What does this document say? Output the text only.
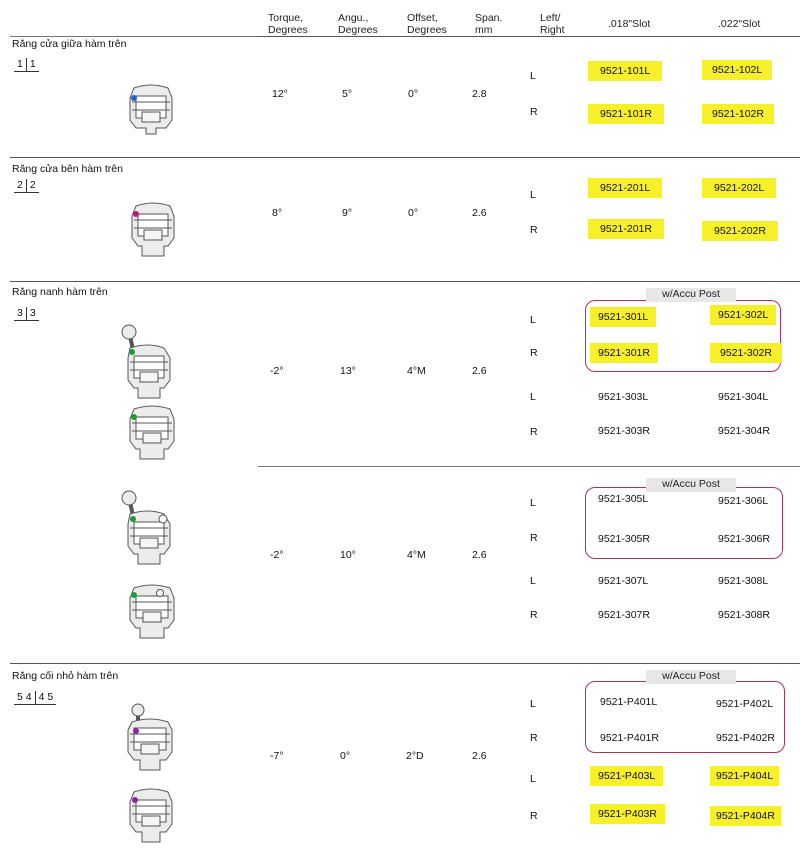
Torque,
Degrees
Angu.,
Degrees
Offset,
Degrees
Span.
mm
Left/
Right	.018"Slot	.022"Slot
Răng cửa giữa hàm trên
1 1
12°	5°	0°	2.8
L	9521-101L	9521-102L
R	9521-101R	9521-102R
Răng cửa bên hàm trên
2 2
8°	9°	0°	2.6
L
9521-201L	9521-202L
R	9521-201R	9521-202R
Răng nanh hàm trên
3 3
-2°	13°	4°M	2.6
w/Accu Post
L	9521-301L	9521-302L
R	9521-301R	9521-302R
L	9521-303L	9521-304L
R	9521-303R	9521-304R
-2°	10°	4°M	2.6
w/Accu Post
L	9521-305L	9521-306L
R	9521-305R	9521-306R
L	9521-307L	9521-308L
R	9521-307R	9521-308R
Răng cối nhỏ hàm trên
5 4 4 5
-7°	0°	2°D	2.6
w/Accu Post
L	9521-P401L	9521-P402L
R	9521-P401R	9521-P402R
L	9521-P403L	9521-P404L
R	9521-P403R	9521-P404R
